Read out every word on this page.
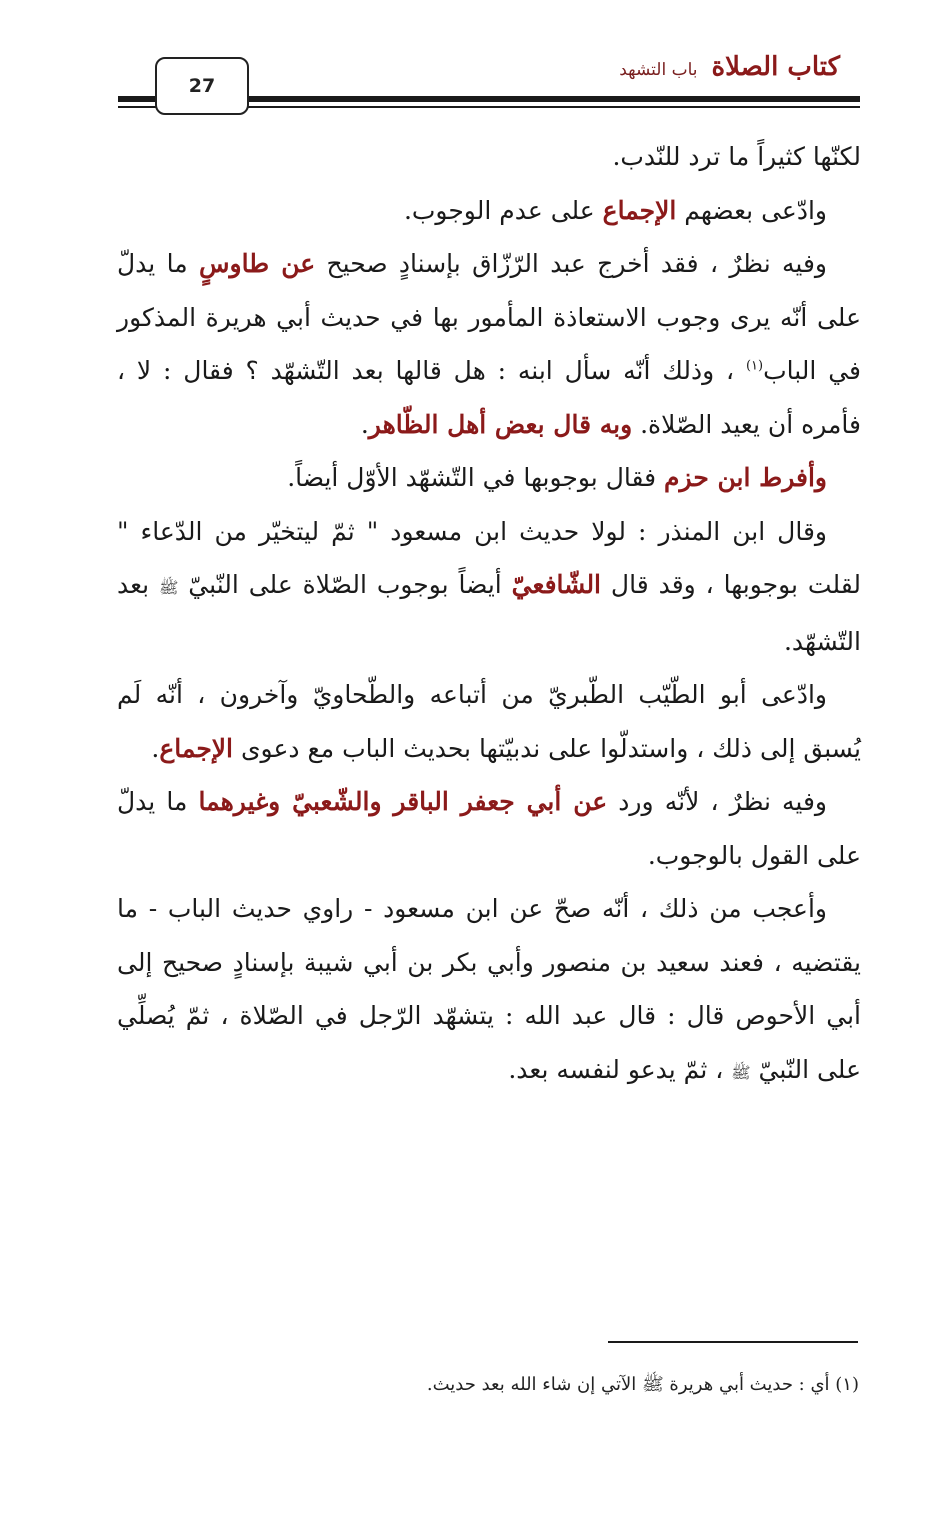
27
كتاب الصلاة
باب التشهد

لكنّها كثيراً ما ترد للنّدب.

وادّعى بعضهم الإجماع على عدم الوجوب.

وفيه نظرٌ ، فقد أخرج عبد الرّزّاق بإسنادٍ صحيح عن طاوسٍ ما يدلّ على أنّه يرى وجوب الاستعاذة المأمور بها في حديث أبي هريرة المذكور في الباب$^{(١)}$ ، وذلك أنّه سأل ابنه : هل قالها بعد التّشهّد ؟ فقال : لا ، فأمره أن يعيد الصّلاة. وبه قال بعض أهل الظّاهر.

وأفرط ابن حزم فقال بوجوبها في التّشهّد الأوّل أيضاً.

وقال ابن المنذر : لولا حديث ابن مسعود " ثمّ ليتخيّر من الدّعاء " لقلت بوجوبها ، وقد قال الشّافعيّ أيضاً بوجوب الصّلاة على النّبيّ ﷺ بعد التّشهّد.

وادّعى أبو الطّيّب الطّبريّ من أتباعه والطّحاويّ وآخرون ، أنّه لَم يُسبق إلى ذلك ، واستدلّوا على ندبيّتها بحديث الباب مع دعوى الإجماع.

وفيه نظرٌ ، لأنّه ورد عن أبي جعفر الباقر والشّعبيّ وغيرهما ما يدلّ على القول بالوجوب.

وأعجب من ذلك ، أنّه صحّ عن ابن مسعود - راوي حديث الباب - ما يقتضيه ، فعند سعيد بن منصور وأبي بكر بن أبي شيبة بإسنادٍ صحيح إلى أبي الأحوص قال : قال عبد الله : يتشهّد الرّجل في الصّلاة ، ثمّ يُصلِّي على النّبيّ ﷺ ، ثمّ يدعو لنفسه بعد.

(١) أي : حديث أبي هريرة ﷺ الآتي إن شاء الله بعد حديث.
